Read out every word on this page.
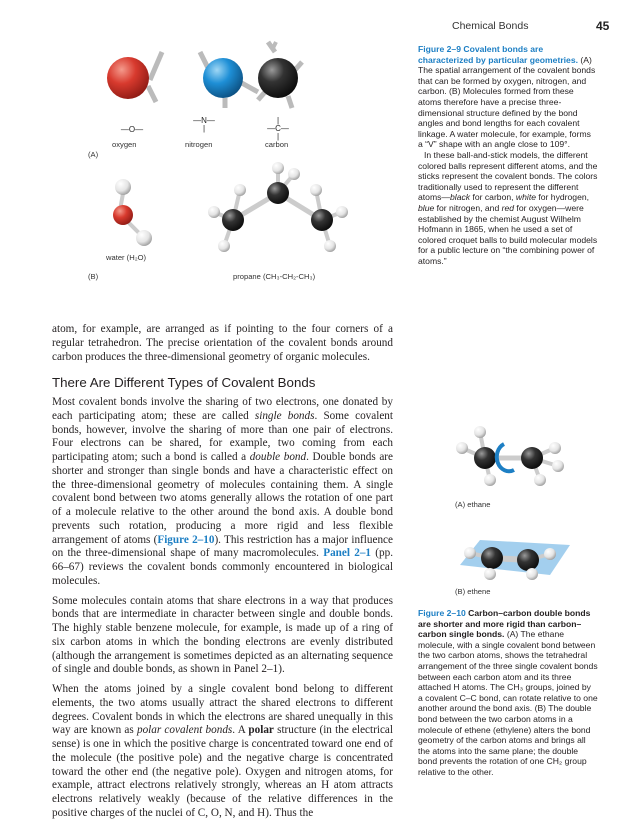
Chemical Bonds	45
—O—
—N—
|
|
—C—
|
oxygen	nitrogen	carbon
(A)
water (H₂O)
(B)	propane (CH₃-CH₂-CH₃)

Figure 2–9 Covalent bonds are characterized by particular geometries. (A) The spatial arrangement of the covalent bonds that can be formed by oxygen, nitrogen, and carbon. (B) Molecules formed from these atoms therefore have a precise three-dimensional structure defined by the bond angles and bond lengths for each covalent linkage. A water molecule, for example, forms a “V” shape with an angle close to 109°.

In these ball-and-stick models, the different colored balls represent different atoms, and the sticks represent the covalent bonds. The colors traditionally used to represent the different atoms—black for carbon, white for hydrogen, blue for nitrogen, and red for oxygen—were established by the chemist August Wilhelm Hofmann in 1865, when he used a set of colored croquet balls to build molecular models for a public lecture on “the combining power of atoms.”

atom, for example, are arranged as if pointing to the four corners of a regular tetrahedron. The precise orientation of the covalent bonds around carbon produces the three-dimensional geometry of organic molecules.

There Are Different Types of Covalent Bonds

Most covalent bonds involve the sharing of two electrons, one donated by each participating atom; these are called single bonds. Some covalent bonds, however, involve the sharing of more than one pair of electrons. Four electrons can be shared, for example, two coming from each participating atom; such a bond is called a double bond. Double bonds are shorter and stronger than single bonds and have a characteristic effect on the three-dimensional geometry of molecules containing them. A single covalent bond between two atoms generally allows the rotation of one part of a molecule relative to the other around the bond axis. A double bond prevents such rotation, producing a more rigid and less flexible arrangement of atoms (Figure 2–10). This restriction has a major influence on the three-dimensional shape of many macromolecules. Panel 2–1 (pp. 66–67) reviews the covalent bonds commonly encountered in biological molecules.

Some molecules contain atoms that share electrons in a way that produces bonds that are intermediate in character between single and double bonds. The highly stable benzene molecule, for example, is made up of a ring of six carbon atoms in which the bonding electrons are evenly distributed (although the arrangement is sometimes depicted as an alternating sequence of single and double bonds, as shown in Panel 2–1).

When the atoms joined by a single covalent bond belong to different elements, the two atoms usually attract the shared electrons to different degrees. Covalent bonds in which the electrons are shared unequally in this way are known as polar covalent bonds. A polar structure (in the electrical sense) is one in which the positive charge is concentrated toward one end of the molecule (the positive pole) and the negative charge is concentrated toward the other end (the negative pole). Oxygen and nitrogen atoms, for example, attract electrons relatively strongly, whereas an H atom attracts electrons relatively weakly (because of the relative differences in the positive charges of the nuclei of C, O, N, and H). Thus the

(A) ethane
(B) ethene

Figure 2–10 Carbon–carbon double bonds are shorter and more rigid than carbon–carbon single bonds. (A) The ethane molecule, with a single covalent bond between the two carbon atoms, shows the tetrahedral arrangement of the three single covalent bonds between each carbon atom and its three attached H atoms. The CH₃ groups, joined by a covalent C–C bond, can rotate relative to one another around the bond axis. (B) The double bond between the two carbon atoms in a molecule of ethene (ethylene) alters the bond geometry of the carbon atoms and brings all the atoms into the same plane; the double bond prevents the rotation of one CH₂ group relative to the other.
